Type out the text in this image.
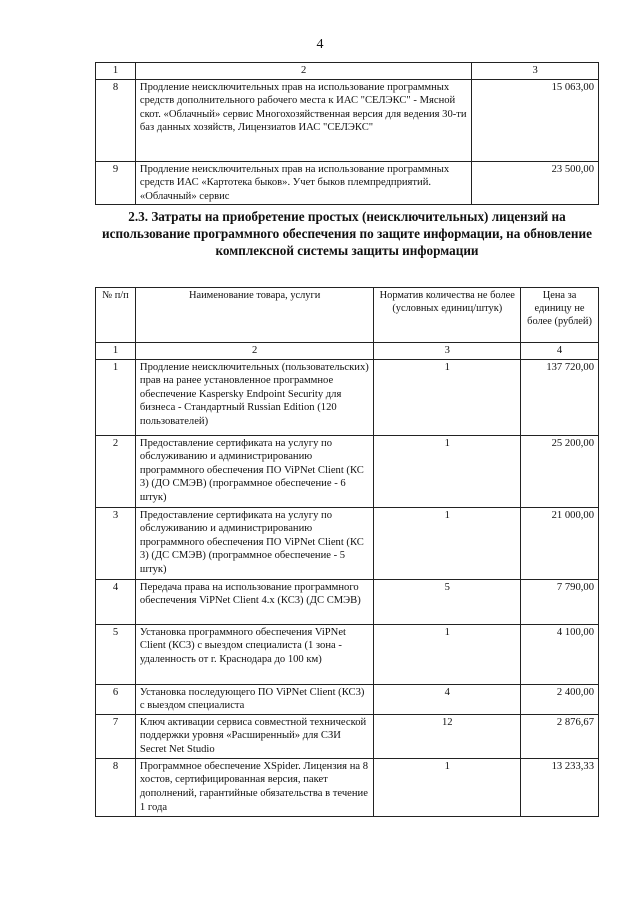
4
1	2	3
8	Продление неисключительных прав на использование программных средств дополнительного рабочего места к ИАС "СЕЛЭКС" - Мясной скот. «Облачный» сервис Многохозяйственная версия для ведения 30-ти баз данных хозяйств, Лицензиатов ИАС "СЕЛЭКС"	15 063,00
9	Продление неисключительных прав на использование программных средств ИАС «Картотека быков». Учет быков племпредприятий. «Облачный» сервис	23 500,00
2.3. Затраты на приобретение простых (неисключительных) лицензий на использование программного обеспечения по защите информации, на обновление комплексной системы защиты информации
№ п/п	Наименование товара, услуги	Норматив количества не более (условных единиц/штук)	Цена за единицу не более (рублей)
1	2	3	4
1	Продление неисключительных (пользовательских) прав на ранее установленное программное обеспечение Kaspersky Endpoint Security для бизнеса - Стандартный Russian Edition (120 пользователей)	1	137 720,00
2	Предоставление сертификата на услугу по обслуживанию и администрированию программного обеспечения ПО ViPNet Client (КС 3) (ДО СМЭВ) (программное обеспечение - 6 штук)	1	25 200,00
3	Предоставление сертификата на услугу по обслуживанию и администрированию программного обеспечения ПО ViPNet Client (КС 3) (ДС СМЭВ) (программное обеспечение - 5 штук)	1	21 000,00
4	Передача права на использование программного обеспечения ViPNet Client 4.x (КС3) (ДС СМЭВ)	5	7 790,00
5	Установка программного обеспечения ViPNet Client (КС3) с выездом специалиста (1 зона - удаленность от г. Краснодара до 100 км)	1	4 100,00
6	Установка последующего ПО ViPNet Client (КС3) с выездом специалиста	4	2 400,00
7	Ключ активации сервиса совместной технической поддержки уровня «Расширенный» для СЗИ Secret Net Studio	12	2 876,67
8	Программное обеспечение XSpider. Лицензия на 8 хостов, сертифицированная версия, пакет дополнений, гарантийные обязательства в течение 1 года	1	13 233,33
